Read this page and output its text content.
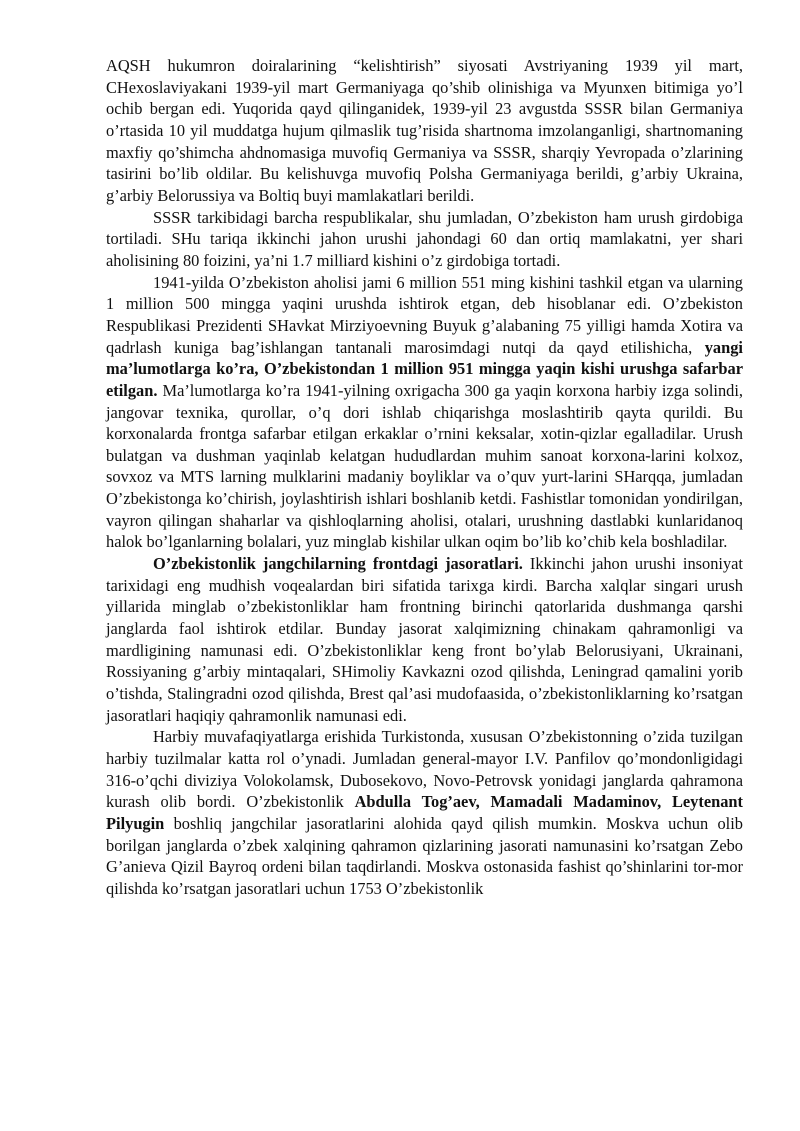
AQSH hukumron doiralarining “kelishtirish” siyosati Avstriyaning 1939 yil mart, CHexoslaviyakani 1939-yil mart Germaniyaga qo’shib olinishiga va Myunxen bitimiga yo’l ochib bergan edi. Yuqorida qayd qilinganidek, 1939-yil 23 avgustda SSSR bilan Germaniya o’rtasida 10 yil muddatga hujum qilmaslik tug’risida shartnoma imzolanganligi, shartnomaning maxfiy qo’shimcha ahdnomasiga muvofiq Germaniya va SSSR, sharqiy Yevropada o’zlarining tasirini bo’lib oldilar. Bu kelishuvga muvofiq Polsha Germaniyaga berildi, g’arbiy Ukraina, g’arbiy Belorussiya va Boltiq buyi mamlakatlari berildi.

SSSR tarkibidagi barcha respublikalar, shu jumladan, O’zbekiston ham urush girdobiga tortiladi. SHu tariqa ikkinchi jahon urushi jahondagi 60 dan ortiq mamlakatni, yer shari aholisining 80 foizini, ya’ni 1.7 milliard kishini o’z girdobiga tortadi.

1941-yilda O’zbekiston aholisi jami 6 million 551 ming kishini tashkil etgan va ularning 1 million 500 mingga yaqini urushda ishtirok etgan, deb hisoblanar edi. O’zbekiston Respublikasi Prezidenti SHavkat Mirziyoevning Buyuk g’alabaning 75 yilligi hamda Xotira va qadrlash kuniga bag’ishlangan tantanali marosimdagi nutqi da qayd etilishicha, yangi ma’lumotlarga ko’ra, O’zbekistondan 1 million 951 mingga yaqin kishi urushga safarbar etilgan. Ma’lumotlarga ko’ra 1941-yilning oxrigacha 300 ga yaqin korxona harbiy izga solindi, jangovar texnika, qurollar, o’q dori ishlab chiqarishga moslashtirib qayta qurildi. Bu korxonalarda frontga safarbar etilgan erkaklar o’rnini keksalar, xotin-qizlar egalladilar. Urush bulatgan va dushman yaqinlab kelatgan hududlardan muhim sanoat korxona-larini kolxoz, sovxoz va MTS larning mulklarini madaniy boyliklar va o’quv yurt-larini SHarqqa, jumladan O’zbekistonga ko’chirish, joylashtirish ishlari boshlanib ketdi. Fashistlar tomonidan yondirilgan, vayron qilingan shaharlar va qishloqlarning aholisi, otalari, urushning dastlabki kunlaridanoq halok bo’lganlarning bolalari, yuz minglab kishilar ulkan oqim bo’lib ko’chib kela boshladilar.

O’zbekistonlik jangchilarning frontdagi jasoratlari. Ikkinchi jahon urushi insoniyat tarixidagi eng mudhish voqealardan biri sifatida tarixga kirdi. Barcha xalqlar singari urush yillarida minglab o’zbekistonliklar ham frontning birinchi qatorlarida dushmanga qarshi janglarda faol ishtirok etdilar. Bunday jasorat xalqimizning chinakam qahramonligi va mardligining namunasi edi. O’zbekistonliklar keng front bo’ylab Belorusiyani, Ukrainani, Rossiyaning g’arbiy mintaqalari, SHimoliy Kavkazni ozod qilishda, Leningrad qamalini yorib o’tishda, Stalingradni ozod qilishda, Brest qal’asi mudofaasida, o’zbekistonliklarning ko’rsatgan jasoratlari haqiqiy qahramonlik namunasi edi.

Harbiy muvafaqiyatlarga erishida Turkistonda, xususan O’zbekistonning o’zida tuzilgan harbiy tuzilmalar katta rol o’ynadi. Jumladan general-mayor I.V. Panfilov qo’mondonligidagi 316-o’qchi diviziya Volokolamsk, Dubosekovo, Novo-Petrovsk yonidagi janglarda qahramona kurash olib bordi. O’zbekistonlik Abdulla Tog’aev, Mamadali Madaminov, Leytenant Pilyugin boshliq jangchilar jasoratlarini alohida qayd qilish mumkin. Moskva uchun olib borilgan janglarda o’zbek xalqining qahramon qizlarining jasorati namunasini ko’rsatgan Zebo G’anieva Qizil Bayroq ordeni bilan taqdirlandi. Moskva ostonasida fashist qo’shinlarini tor-mor qilishda ko’rsatgan jasoratlari uchun 1753 O’zbekistonlik
